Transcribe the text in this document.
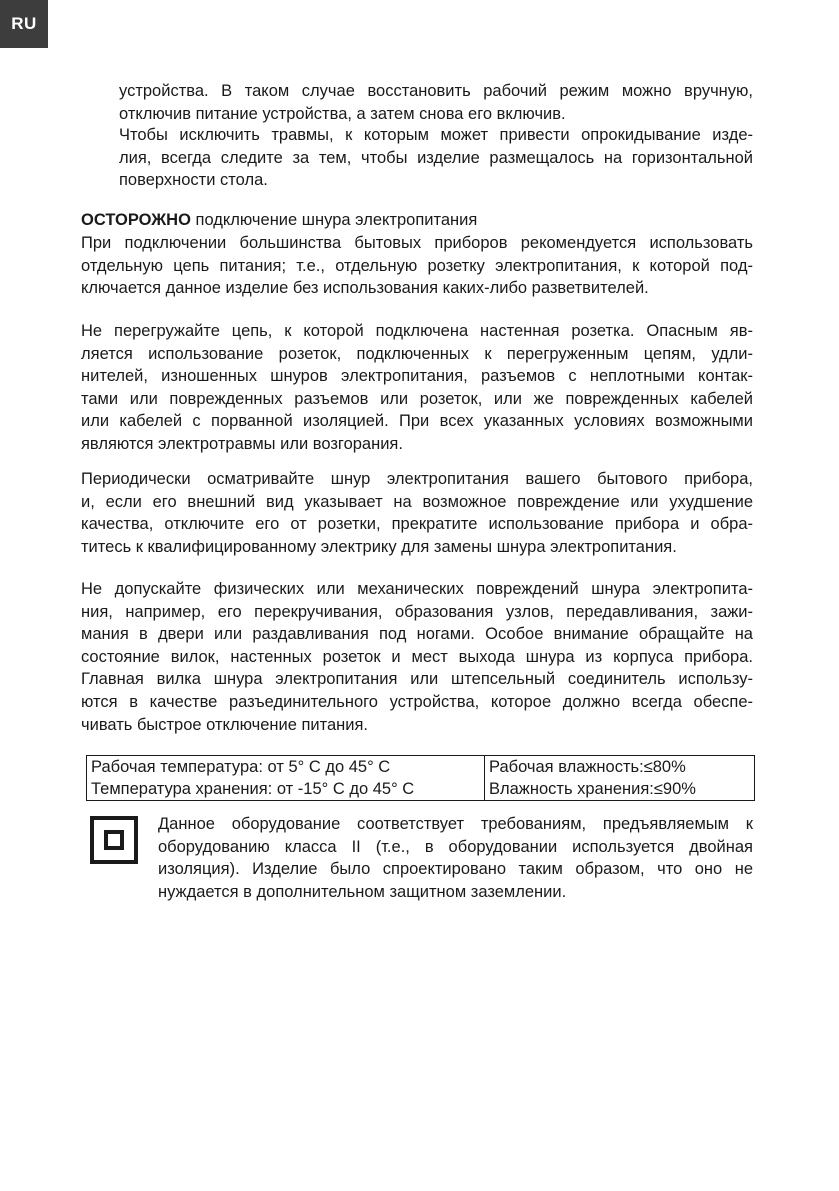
RU
устройства. В таком случае восстановить рабочий режим можно вручную,
отключив питание устройства, а затем снова его включив.
Чтобы исключить травмы, к которым может привести опрокидывание изде-
лия, всегда следите за тем, чтобы изделие размещалось на горизонтальной
поверхности стола.
ОСТОРОЖНО подключение шнура электропитания
При подключении большинства бытовых приборов рекомендуется использовать
отдельную цепь питания; т.е., отдельную розетку электропитания, к которой под-
ключается данное изделие без использования каких-либо разветвителей.
Не перегружайте цепь, к которой подключена настенная розетка. Опасным яв-
ляется использование розеток, подключенных к перегруженным цепям, удли-
нителей, изношенных шнуров электропитания, разъемов с неплотными контак-
тами или поврежденных разъемов или розеток, или же поврежденных кабелей
или кабелей с порванной изоляцией. При всех указанных условиях возможными
являются электротравмы или возгорания.
Периодически осматривайте шнур электропитания вашего бытового прибора,
и, если его внешний вид указывает на возможное повреждение или ухудшение
качества, отключите его от розетки, прекратите использование прибора и обра-
титесь к квалифицированному электрику для замены шнура электропитания.
Не допускайте физических или механических повреждений шнура электропита-
ния, например, его перекручивания, образования узлов, передавливания, зажи-
мания в двери или раздавливания под ногами. Особое внимание обращайте на
состояние вилок, настенных розеток и мест выхода шнура из корпуса прибора.
Главная вилка шнура электропитания или штепсельный соединитель использу-
ются в качестве разъединительного устройства, которое должно всегда обеспе-
чивать быстрое отключение питания.
Рабочая температура: от 5° C до 45° C	Рабочая влажность:≤80%
Температура хранения: от -15° C до 45° C	Влажность хранения:≤90%
Данное оборудование соответствует требованиям, предъявляемым к
оборудованию класса II (т.е., в оборудовании используется двойная
изоляция). Изделие было спроектировано таким образом, что оно не
нуждается в дополнительном защитном заземлении.
